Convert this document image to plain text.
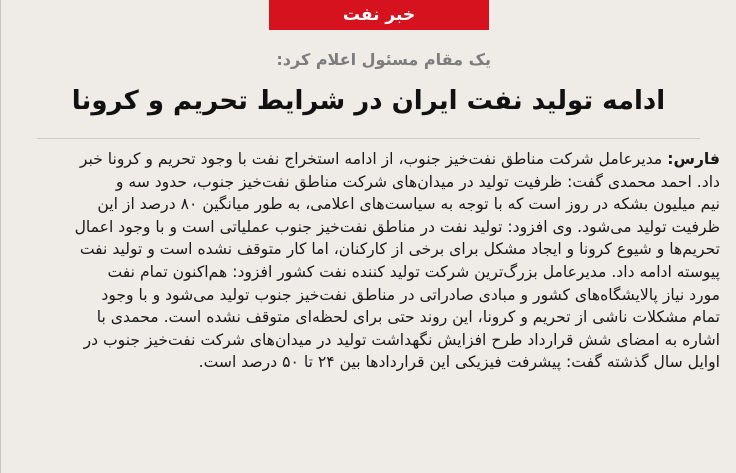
خبر نفت
یک مقام مسئول اعلام کرد:
ادامه تولید نفت ایران در شرایط تحریم و کرونا
فارس: مدیرعامل شرکت مناطق نفت‌خیز جنوب، از ادامه استخراج نفت با وجود تحریم و کرونا خبر
داد. احمد محمدی گفت: ظرفیت تولید در میدان‌های شرکت مناطق نفت‌خیز جنوب، حدود سه و
نیم میلیون بشکه در روز است که با توجه به سیاست‌های اعلامی، به طور میانگین ۸۰ درصد از این
ظرفیت تولید می‌شود. وی افزود: تولید نفت در مناطق نفت‌خیز جنوب عملیاتی است و با وجود اعمال
تحریم‌ها و شیوع کرونا و ایجاد مشکل برای برخی از کارکنان، اما کار متوقف نشده است و تولید نفت
پیوسته ادامه داد. مدیرعامل بزرگ‌ترین شرکت تولید کننده نفت کشور افزود: هم‌اکنون تمام نفت
مورد نیاز پالایشگاه‌های کشور و مبادی صادراتی در مناطق نفت‌خیز جنوب تولید می‌شود و با وجود
تمام مشکلات ناشی از تحریم و کرونا، این روند حتی برای لحظه‌ای متوقف نشده است. محمدی با
اشاره به امضای شش قرارداد طرح افزایش نگهداشت تولید در میدان‌های شرکت نفت‌خیز جنوب در
اوایل سال گذشته گفت: پیشرفت فیزیکی این قراردادها بین ۲۴ تا ۵۰ درصد است.
